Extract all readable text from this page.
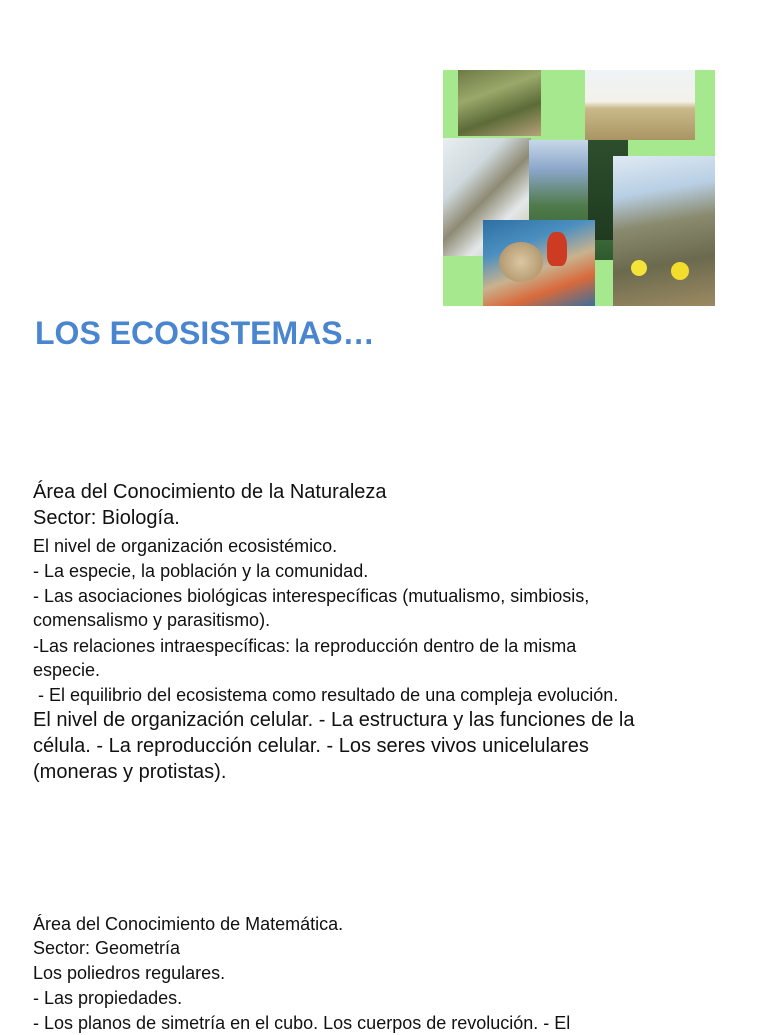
LOS ECOSISTEMAS…

Área del Conocimiento de la Naturaleza

Sector: Biología.

El nivel de organización ecosistémico.

- La especie, la población y la comunidad.

- Las asociaciones biológicas interespecíficas (mutualismo, simbiosis,

comensalismo y parasitismo).

-Las relaciones intraespecíficas: la reproducción dentro de la misma

especie.

- El equilibrio del ecosistema como resultado de una compleja evolución.

El nivel de organización celular. - La estructura y las funciones de la

célula. - La reproducción celular. - Los seres vivos unicelulares

(moneras y protistas).

Área del Conocimiento de Matemática.

Sector: Geometría

Los poliedros regulares.

- Las propiedades.

- Los planos de simetría en el cubo. Los cuerpos de revolución. - El
